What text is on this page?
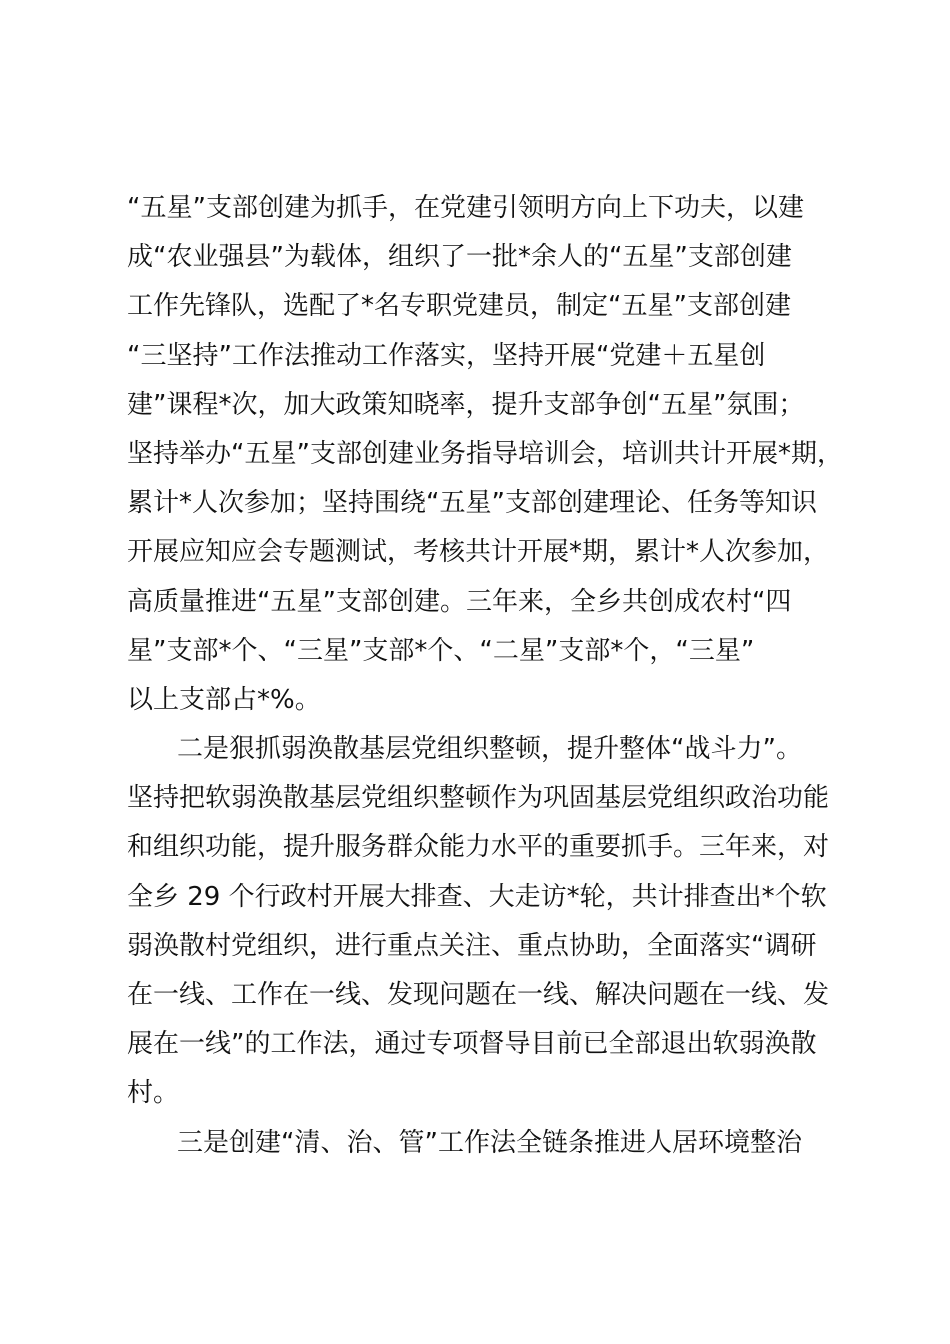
“五星”支部创建为抓手，在党建引领明方向上下功夫，以建
成“农业强县”为载体，组织了一批*余人的“五星”支部创建
工作先锋队，选配了*名专职党建员，制定“五星”支部创建
“三坚持”工作法推动工作落实，坚持开展“党建＋五星创
建”课程*次，加大政策知晓率，提升支部争创“五星”氛围；
坚持举办“五星”支部创建业务指导培训会，培训共计开展*期，
累计*人次参加；坚持围绕“五星”支部创建理论、任务等知识
开展应知应会专题测试，考核共计开展*期，累计*人次参加，
高质量推进“五星”支部创建。三年来，全乡共创成农村“四
星”支部*个、“三星”支部*个、“二星”支部*个，“三星”
以上支部占*%。
二是狠抓弱涣散基层党组织整顿，提升整体“战斗力”。
坚持把软弱涣散基层党组织整顿作为巩固基层党组织政治功能
和组织功能，提升服务群众能力水平的重要抓手。三年来，对
全乡 29 个行政村开展大排查、大走访*轮，共计排查出*个软
弱涣散村党组织，进行重点关注、重点协助，全面落实“调研
在一线、工作在一线、发现问题在一线、解决问题在一线、发
展在一线”的工作法，通过专项督导目前已全部退出软弱涣散
村。
三是创建“清、治、管”工作法全链条推进人居环境整治
